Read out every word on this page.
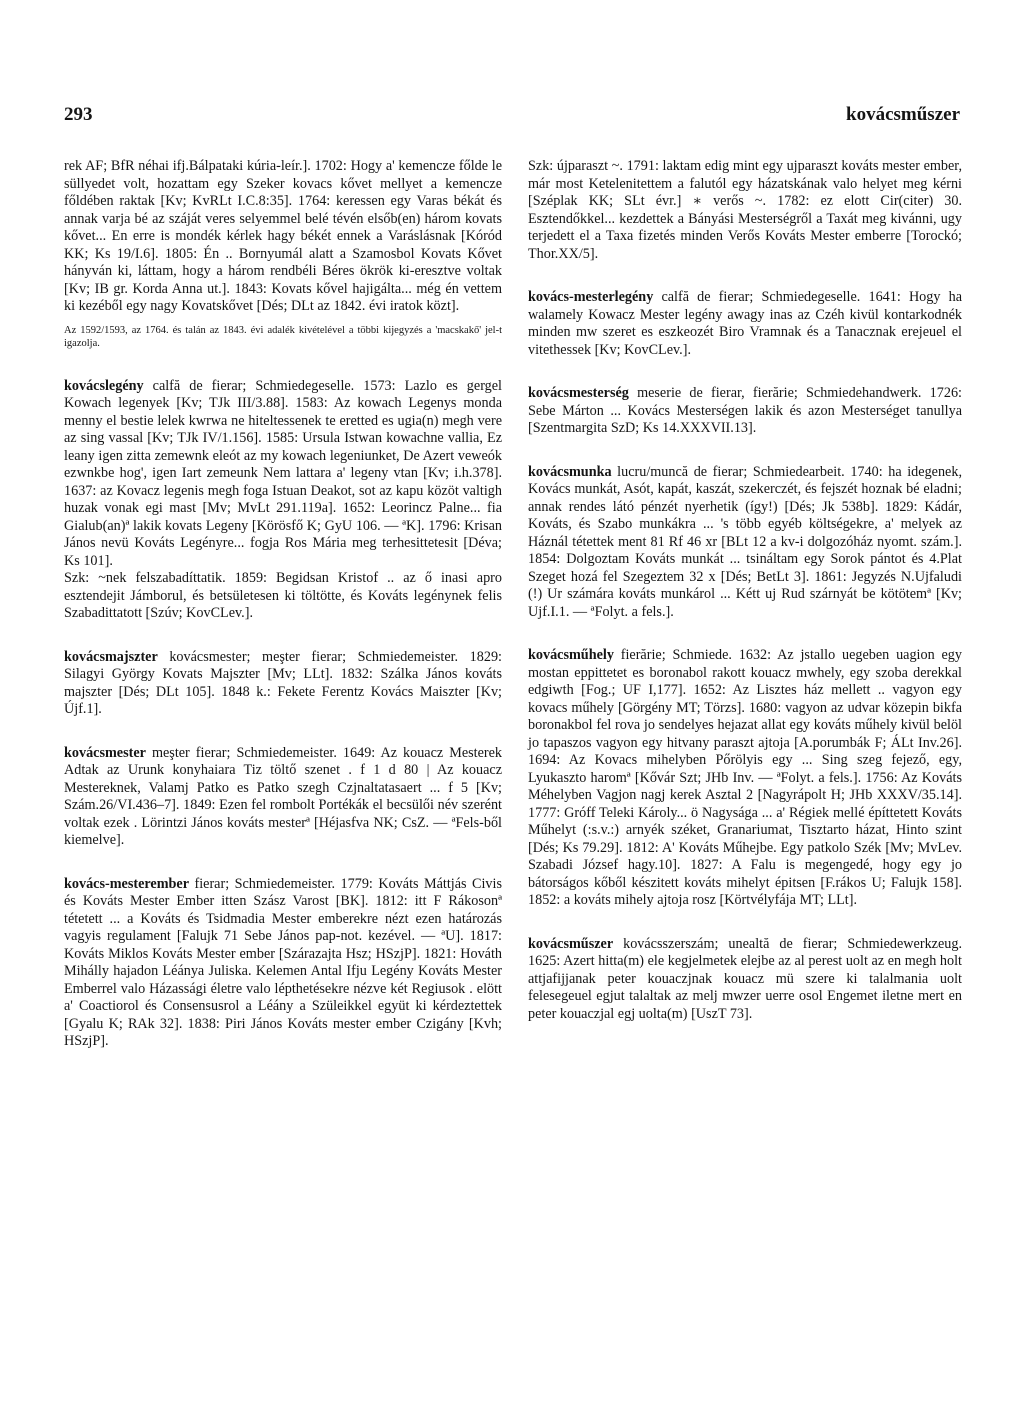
293	kovácsműszer

rek AF; BfR néhai ifj.Bálpataki kúria-leír.]. 1702: Hogy a' kemencze főlde le süllyedet volt, hozattam egy Szeker kovacs kővet mellyet a kemencze főldében raktak [Kv; KvRLt I.C.8:35]. 1764: keressen egy Varas békát és annak varja bé az száját veres selyemmel belé tévén elsőb(en) három kovats kővet... En erre is mondék kérlek hagy békét ennek a Varáslásnak [Kóród KK; Ks 19/I.6]. 1805: Én .. Bornyumál alatt a Szamosbol Kovats Kővet hányván ki, láttam, hogy a három rendbéli Béres ökrök ki-eresztve voltak [Kv; IB gr. Korda Anna ut.]. 1843: Kovats kővel hajigálta... még én vettem ki kezéből egy nagy Kovatskővet [Dés; DLt az 1842. évi iratok közt].

Az 1592/1593, az 1764. és talán az 1843. évi adalék kivételével a többi kijegyzés a 'macskakő' jel-t igazolja.

kovácslegény calfă de fierar; Schmiedegeselle. 1573: Lazlo es gergel Kowach legenyek [Kv; TJk III/3.88]. 1583: Az kowach Legenys monda menny el bestie lelek kwrwa ne hiteltessenek te eretted es ugia(n) megh vere az sing vassal [Kv; TJk IV/1.156]. 1585: Ursula Istwan kowachne vallia, Ez leany igen zitta zemewnk eleót az my kowach legeniunket, De Azert veweók ezwnkbe hog', igen Iart zemeunk Nem lattara a' legeny vtan [Kv; i.h.378]. 1637: az Kovacz legenis megh foga Istuan Deakot, sot az kapu közöt valtigh huzak vonak egi mast [Mv; MvLt 291.119a]. 1652: Leorincz Palne... fia Gialub(an)ª lakik kovats Legeny [Körösfő K; GyU 106. — ªK]. 1796: Krisan János nevü Kováts Legényre... fogja Ros Mária meg terhesittetesit [Déva; Ks 101].
Szk: ~nek felszabadíttatik. 1859: Begidsan Kristof .. az ő inasi apro esztendejit Jámborul, és betsületesen ki töltötte, és Kováts legénynek felis Szabadittatott [Szúv; KovCLev.].
kovácsmajszter kovácsmester; meşter fierar; Schmiedemeister. 1829: Silagyi György Kovats Majszter [Mv; LLt]. 1832: Szálka János kováts majszter [Dés; DLt 105]. 1848 k.: Fekete Ferentz Kovács Maiszter [Kv; Újf.1].
kovácsmester meşter fierar; Schmiedemeister. 1649: Az kouacz Mesterek Adtak az Urunk konyhaiara Tiz töltő szenet . f 1 d 80 | Az kouacz Mestereknek, Valamj Patko es Patko szegh Czjnaltatasaert ... f 5 [Kv; Szám.26/VI.436–7]. 1849: Ezen fel rombolt Portékák el becsülői név szerént voltak ezek . Lörintzi János kováts mesterª [Héjasfva NK; CsZ. — ªFels-ből kiemelve].
kovács-mesterember fierar; Schmiedemeister. 1779: Kováts Máttjás Civis és Kováts Mester Ember itten Szász Varost [BK]. 1812: itt F Rákosonª tétetett ... a Kováts és Tsidmadia Mester emberekre nézt ezen határozás vagyis regulament [Falujk 71 Sebe János pap-not. kezével. — ªU]. 1817: Kováts Miklos Kováts Mester ember [Szárazajta Hsz; HSzjP]. 1821: Hováth Mihálly hajadon Léánya Juliska. Kelemen Antal Ifju Legény Kováts Mester Emberrel valo Házassági életre valo lépthetésekre nézve két Regiusok . elött a' Coactiorol és Consensusrol a Léány a Szüleikkel együt ki kérdeztettek [Gyalu K; RAk 32]. 1838: Piri János Kováts mester ember Czigány [Kvh; HSzjP].
Szk: újparaszt ~. 1791: laktam edig mint egy ujparaszt kováts mester ember, már most Ketelenitettem a falutól egy házatskának valo helyet meg kérni [Széplak KK; SLt évr.] ∗ verős ~. 1782: ez elott Cir(citer) 30. Esztendőkkel... kezdettek a Bányási Mesterségről a Taxát meg kivánni, ugy terjedett el a Taxa fizetés minden Verős Kováts Mester emberre [Torockó; Thor.XX/5].
kovács-mesterlegény calfă de fierar; Schmiedegeselle. 1641: Hogy ha walamely Kowacz Mester legény awagy inas az Czéh kivül kontarkodnék minden mw szeret es eszkeozét Biro Vramnak és a Tanacznak erejeuel el vitethessek [Kv; KovCLev.].
kovácsmesterség meserie de fierar, fierărie; Schmiedehandwerk. 1726: Sebe Márton ... Kovács Mesterségen lakik és azon Mesterséget tanullya [Szentmargita SzD; Ks 14.XXXVII.13].
kovácsmunka lucru/muncă de fierar; Schmiedearbeit. 1740: ha idegenek, Kovács munkát, Asót, kapát, kaszát, szekerczét, és fejszét hoznak bé eladni; annak rendes látó pénzét nyerhetik (így!) [Dés; Jk 538b]. 1829: Kádár, Kováts, és Szabo munkákra ... 's több egyéb költségekre, a' melyek az Háznál tétettek ment 81 Rf 46 xr [BLt 12 a kv-i dolgozóház nyomt. szám.]. 1854: Dolgoztam Kováts munkát ... tsináltam egy Sorok pántot és 4.Plat Szeget hozá fel Szegeztem 32 x [Dés; BetLt 3]. 1861: Jegyzés N.Ujfaludi (!) Ur számára kováts munkárol ... Kétt uj Rud szárnyát be kötötemª [Kv; Ujf.I.1. — ªFolyt. a fels.].
kovácsműhely fierărie; Schmiede. 1632: Az jstallo uegeben uagion egy mostan eppittetet es boronabol rakott kouacz mwhely, egy szoba derekkal edgiwth [Fog.; UF I,177]. 1652: Az Lisztes ház mellett .. vagyon egy kovacs műhely [Görgény MT; Törzs]. 1680: vagyon az udvar közepin bikfa boronakbol fel rova jo sendelyes hejazat allat egy kováts műhely kivül belöl jo tapaszos vagyon egy hitvany paraszt ajtoja [A.porumbák F; ÁLt Inv.26]. 1694: Az Kovacs mihelyben Pőrölyis egy ... Sing szeg fejező, egy, Lyukaszto haromª [Kővár Szt; JHb Inv. — ªFolyt. a fels.]. 1756: Az Kováts Méhelyben Vagjon nagj kerek Asztal 2 [Nagyrápolt H; JHb XXXV/35.14]. 1777: Gróff Teleki Károly... ö Nagysága ... a' Régiek mellé építtetett Kováts Műhelyt (:s.v.:) arnyék széket, Granariumat, Tisztarto házat, Hinto szint [Dés; Ks 79.29]. 1812: A' Kováts Műhejbe. Egy patkolo Szék [Mv; MvLev. Szabadi József hagy.10]. 1827: A Falu is megengedé, hogy egy jo bátorságos kőből készitett kováts mihelyt épitsen [F.rákos U; Falujk 158]. 1852: a kováts mihely ajtoja rosz [Körtvélyfája MT; LLt].
kovácsműszer kovácsszerszám; unealtă de fierar; Schmiedewerkzeug. 1625: Azert hitta(m) ele kegjelmetek elejbe az al perest uolt az en megh holt attjafijjanak peter kouaczjnak kouacz mü szere ki talalmania uolt felesegeuel egjut talaltak az melj mwzer uerre osol Engemet iletne mert en peter kouaczjal egj uolta(m) [UszT 73].
